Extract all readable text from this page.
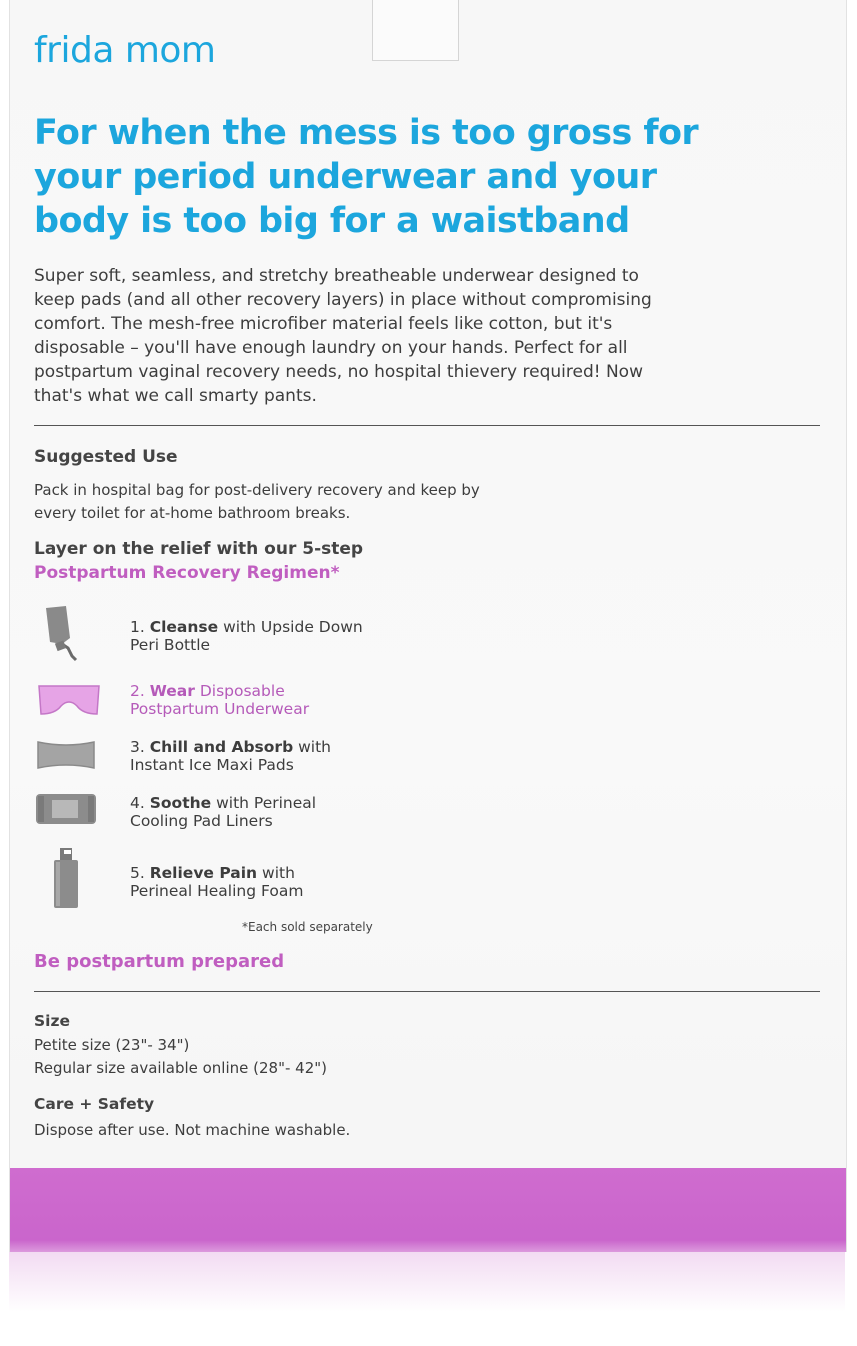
frida mom
For when the mess is too gross for
your period underwear and your
body is too big for a waistband
Super soft, seamless, and stretchy breatheable underwear designed to
keep pads (and all other recovery layers) in place without compromising
comfort. The mesh-free microfiber material feels like cotton, but it's
disposable – you'll have enough laundry on your hands. Perfect for all
postpartum vaginal recovery needs, no hospital thievery required! Now
that's what we call smarty pants.
Suggested Use
Pack in hospital bag for post-delivery recovery and keep by
every toilet for at-home bathroom breaks.
Layer on the relief with our 5-step
Postpartum Recovery Regimen*
1. Cleanse with Upside Down
Peri Bottle
2. Wear Disposable
Postpartum Underwear
3. Chill and Absorb with
Instant Ice Maxi Pads
4. Soothe with Perineal
Cooling Pad Liners
5. Relieve Pain with
Perineal Healing Foam
*Each sold separately
Be postpartum prepared
Size
Petite size (23"- 34")
Regular size available online (28"- 42")
Care + Safety
Dispose after use. Not machine washable.
